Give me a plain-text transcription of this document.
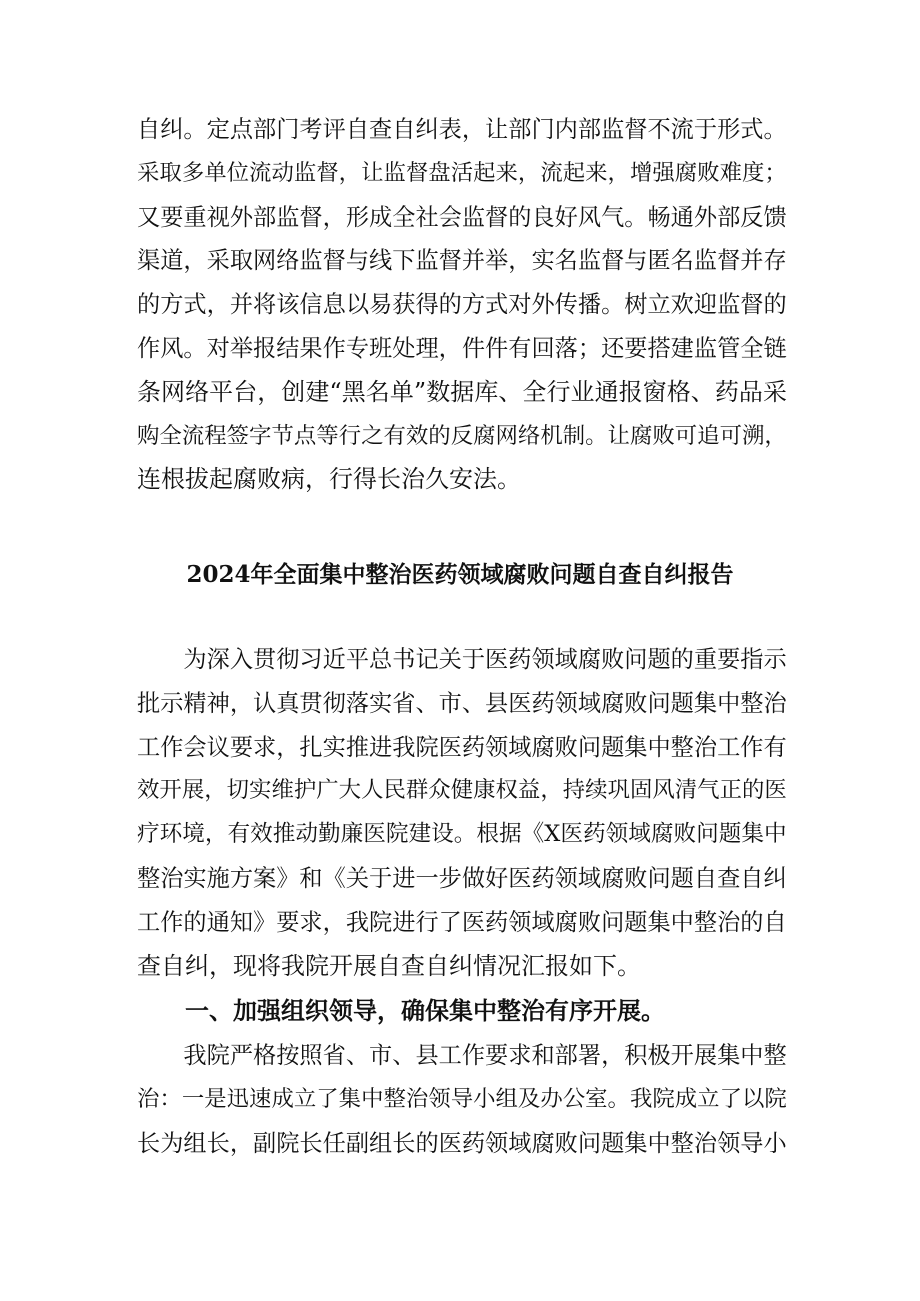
自纠。定点部门考评自查自纠表，让部门内部监督不流于形式。

采取多单位流动监督，让监督盘活起来，流起来，增强腐败难度；

又要重视外部监督，形成全社会监督的良好风气。畅通外部反馈

渠道，采取网络监督与线下监督并举，实名监督与匿名监督并存

的方式，并将该信息以易获得的方式对外传播。树立欢迎监督的

作风。对举报结果作专班处理，件件有回落；还要搭建监管全链

条网络平台，创建“黑名单”数据库、全行业通报窗格、药品采

购全流程签字节点等行之有效的反腐网络机制。让腐败可追可溯，

连根拔起腐败病，行得长治久安法。

2024年全面集中整治医药领域腐败问题自查自纠报告

　　为深入贯彻习近平总书记关于医药领域腐败问题的重要指示

批示精神，认真贯彻落实省、市、县医药领域腐败问题集中整治

工作会议要求，扎实推进我院医药领域腐败问题集中整治工作有

效开展，切实维护广大人民群众健康权益，持续巩固风清气正的医

疗环境，有效推动勤廉医院建设。根据《X医药领域腐败问题集中

整治实施方案》和《关于进一步做好医药领域腐败问题自查自纠

工作的通知》要求，我院进行了医药领域腐败问题集中整治的自

查自纠，现将我院开展自查自纠情况汇报如下。

一、加强组织领导，确保集中整治有序开展。

　　我院严格按照省、市、县工作要求和部署，积极开展集中整

治：一是迅速成立了集中整治领导小组及办公室。我院成立了以院

长为组长，副院长任副组长的医药领域腐败问题集中整治领导小
